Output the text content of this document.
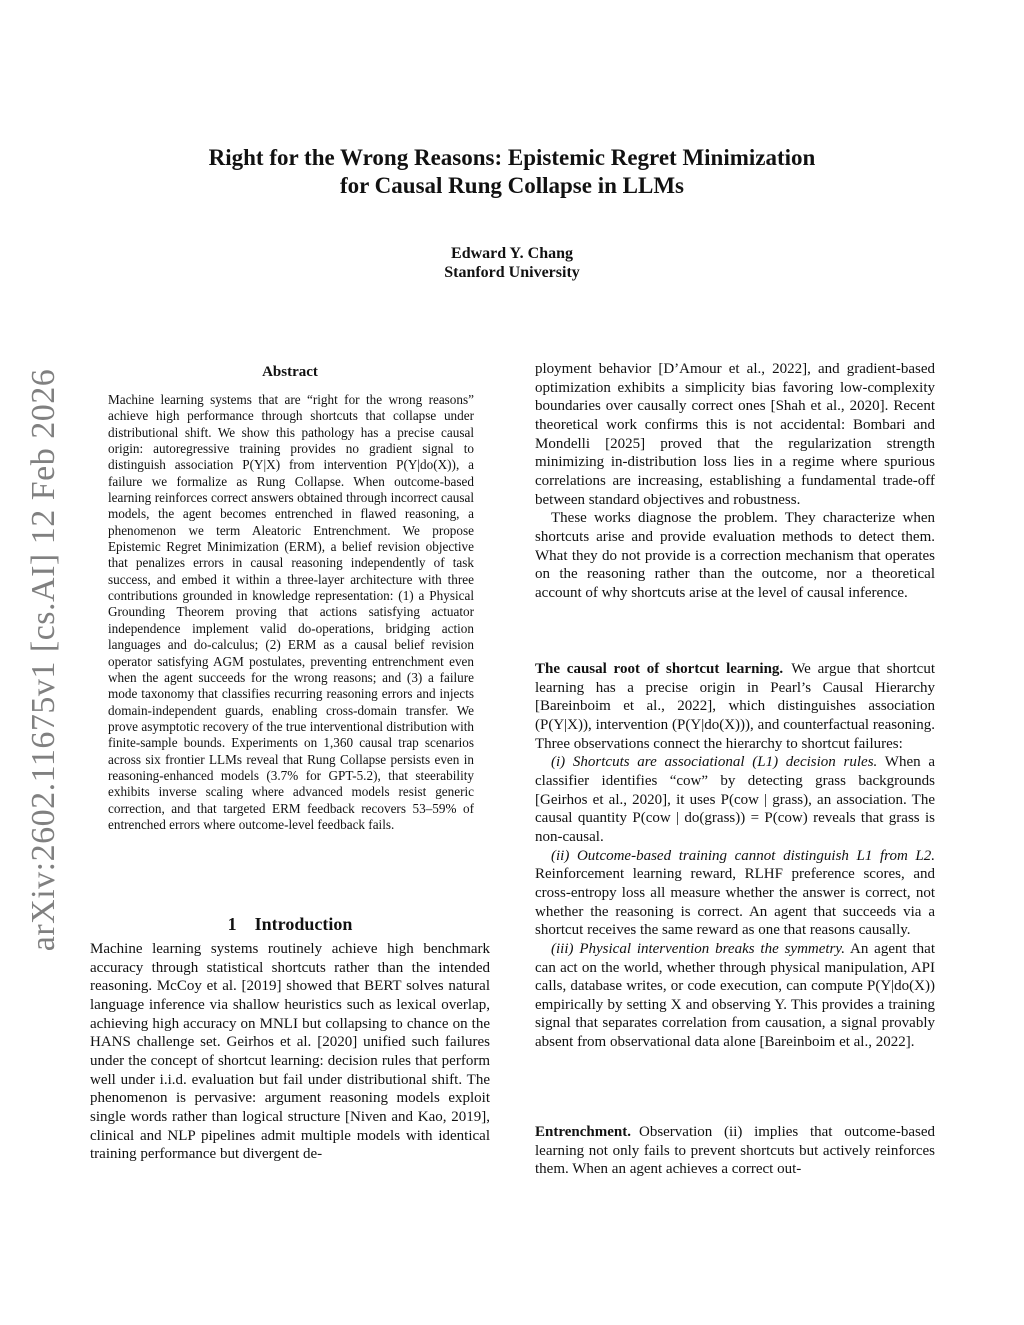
arXiv:2602.11675v1 [cs.AI] 12 Feb 2026
Right for the Wrong Reasons: Epistemic Regret Minimization
for Causal Rung Collapse in LLMs
Edward Y. Chang
Stanford University
Abstract
Machine learning systems that are “right for the wrong reasons” achieve high performance through shortcuts that collapse under distributional shift. We show this pathology has a precise causal origin: autoregressive training provides no gradient signal to distinguish association P(Y|X) from intervention P(Y|do(X)), a failure we formalize as Rung Collapse. When outcome-based learning reinforces correct answers obtained through incorrect causal models, the agent becomes entrenched in flawed reasoning, a phenomenon we term Aleatoric Entrenchment. We propose Epistemic Regret Minimization (ERM), a belief revision objective that penalizes errors in causal reasoning independently of task success, and embed it within a three-layer architecture with three contributions grounded in knowledge representation: (1) a Physical Grounding Theorem proving that actions satisfying actuator independence implement valid do-operations, bridging action languages and do-calculus; (2) ERM as a causal belief revision operator satisfying AGM postulates, preventing entrenchment even when the agent succeeds for the wrong reasons; and (3) a failure mode taxonomy that classifies recurring reasoning errors and injects domain-independent guards, enabling cross-domain transfer. We prove asymptotic recovery of the true interventional distribution with finite-sample bounds. Experiments on 1,360 causal trap scenarios across six frontier LLMs reveal that Rung Collapse persists even in reasoning-enhanced models (3.7% for GPT-5.2), that steerability exhibits inverse scaling where advanced models resist generic correction, and that targeted ERM feedback recovers 53–59% of entrenched errors where outcome-level feedback fails.
1 Introduction
Machine learning systems routinely achieve high benchmark accuracy through statistical shortcuts rather than the intended reasoning. McCoy et al. [2019] showed that BERT solves natural language inference via shallow heuristics such as lexical overlap, achieving high accuracy on MNLI but collapsing to chance on the HANS challenge set. Geirhos et al. [2020] unified such failures under the concept of shortcut learning: decision rules that perform well under i.i.d. evaluation but fail under distributional shift. The phenomenon is pervasive: argument reasoning models exploit single words rather than logical structure [Niven and Kao, 2019], clinical and NLP pipelines admit multiple models with identical training performance but divergent de-

ployment behavior [D’Amour et al., 2022], and gradient-based optimization exhibits a simplicity bias favoring low-complexity boundaries over causally correct ones [Shah et al., 2020]. Recent theoretical work confirms this is not accidental: Bombari and Mondelli [2025] proved that the regularization strength minimizing in-distribution loss lies in a regime where spurious correlations are increasing, establishing a fundamental trade-off between standard objectives and robustness.

These works diagnose the problem. They characterize when shortcuts arise and provide evaluation methods to detect them. What they do not provide is a correction mechanism that operates on the reasoning rather than the outcome, nor a theoretical account of why shortcuts arise at the level of causal inference.

The causal root of shortcut learning. We argue that shortcut learning has a precise origin in Pearl’s Causal Hierarchy [Bareinboim et al., 2022], which distinguishes association (P(Y|X)), intervention (P(Y|do(X))), and counterfactual reasoning. Three observations connect the hierarchy to shortcut failures:

(i) Shortcuts are associational (L1) decision rules. When a classifier identifies “cow” by detecting grass backgrounds [Geirhos et al., 2020], it uses P(cow | grass), an association. The causal quantity P(cow | do(grass)) = P(cow) reveals that grass is non-causal.

(ii) Outcome-based training cannot distinguish L1 from L2. Reinforcement learning reward, RLHF preference scores, and cross-entropy loss all measure whether the answer is correct, not whether the reasoning is correct. An agent that succeeds via a shortcut receives the same reward as one that reasons causally.

(iii) Physical intervention breaks the symmetry. An agent that can act on the world, whether through physical manipulation, API calls, database writes, or code execution, can compute P(Y|do(X)) empirically by setting X and observing Y. This provides a training signal that separates correlation from causation, a signal provably absent from observational data alone [Bareinboim et al., 2022].

Entrenchment. Observation (ii) implies that outcome-based learning not only fails to prevent shortcuts but actively reinforces them. When an agent achieves a correct out-
